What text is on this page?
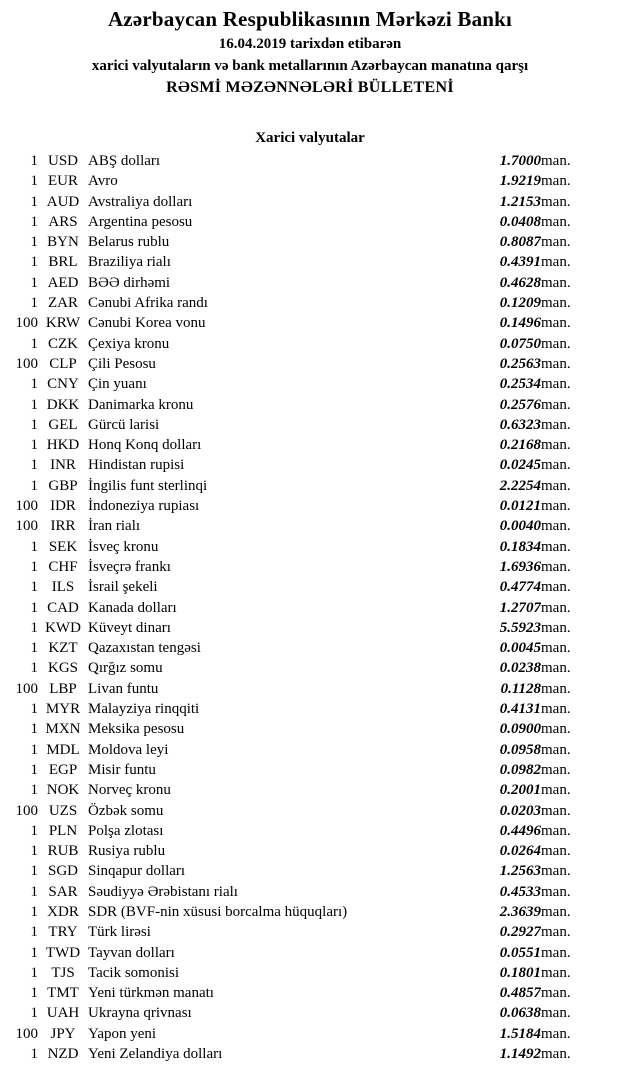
Azərbaycan Respublikasının Mərkəzi Bankı
16.04.2019 tarixdən etibarən
xarici valyutaların və bank metallarının Azərbaycan manatına qarşı
RƏSMİ MƏZƏNNƏLƏRİ BÜLLETENİ
Xarici valyutalar
1	USD	ABŞ dolları	1.7000	man.
1	EUR	Avro	1.9219	man.
1	AUD	Avstraliya dolları	1.2153	man.
1	ARS	Argentina pesosu	0.0408	man.
1	BYN	Belarus rublu	0.8087	man.
1	BRL	Braziliya rialı	0.4391	man.
1	AED	BƏƏ dirhəmi	0.4628	man.
1	ZAR	Cənubi Afrika randı	0.1209	man.
100	KRW	Cənubi Korea vonu	0.1496	man.
1	CZK	Çexiya kronu	0.0750	man.
100	CLP	Çili Pesosu	0.2563	man.
1	CNY	Çin yuanı	0.2534	man.
1	DKK	Danimarka kronu	0.2576	man.
1	GEL	Gürcü larisi	0.6323	man.
1	HKD	Honq Konq dolları	0.2168	man.
1	INR	Hindistan rupisi	0.0245	man.
1	GBP	İngilis funt sterlinqi	2.2254	man.
100	IDR	İndoneziya rupiası	0.0121	man.
100	IRR	İran rialı	0.0040	man.
1	SEK	İsveç kronu	0.1834	man.
1	CHF	İsveçrə frankı	1.6936	man.
1	ILS	İsrail şekeli	0.4774	man.
1	CAD	Kanada dolları	1.2707	man.
1	KWD	Küveyt dinarı	5.5923	man.
1	KZT	Qazaxıstan tengəsi	0.0045	man.
1	KGS	Qırğız somu	0.0238	man.
100	LBP	Livan funtu	0.1128	man.
1	MYR	Malayziya rinqqiti	0.4131	man.
1	MXN	Meksika pesosu	0.0900	man.
1	MDL	Moldova leyi	0.0958	man.
1	EGP	Misir funtu	0.0982	man.
1	NOK	Norveç kronu	0.2001	man.
100	UZS	Özbək somu	0.0203	man.
1	PLN	Polşa zlotası	0.4496	man.
1	RUB	Rusiya rublu	0.0264	man.
1	SGD	Sinqapur dolları	1.2563	man.
1	SAR	Səudiyyə Ərəbistanı rialı	0.4533	man.
1	XDR	SDR (BVF-nin xüsusi borcalma hüquqları)	2.3639	man.
1	TRY	Türk lirəsi	0.2927	man.
1	TWD	Tayvan dolları	0.0551	man.
1	TJS	Tacik somonisi	0.1801	man.
1	TMT	Yeni türkmən manatı	0.4857	man.
1	UAH	Ukrayna qrivnası	0.0638	man.
100	JPY	Yapon yeni	1.5184	man.
1	NZD	Yeni Zelandiya dolları	1.1492	man.
